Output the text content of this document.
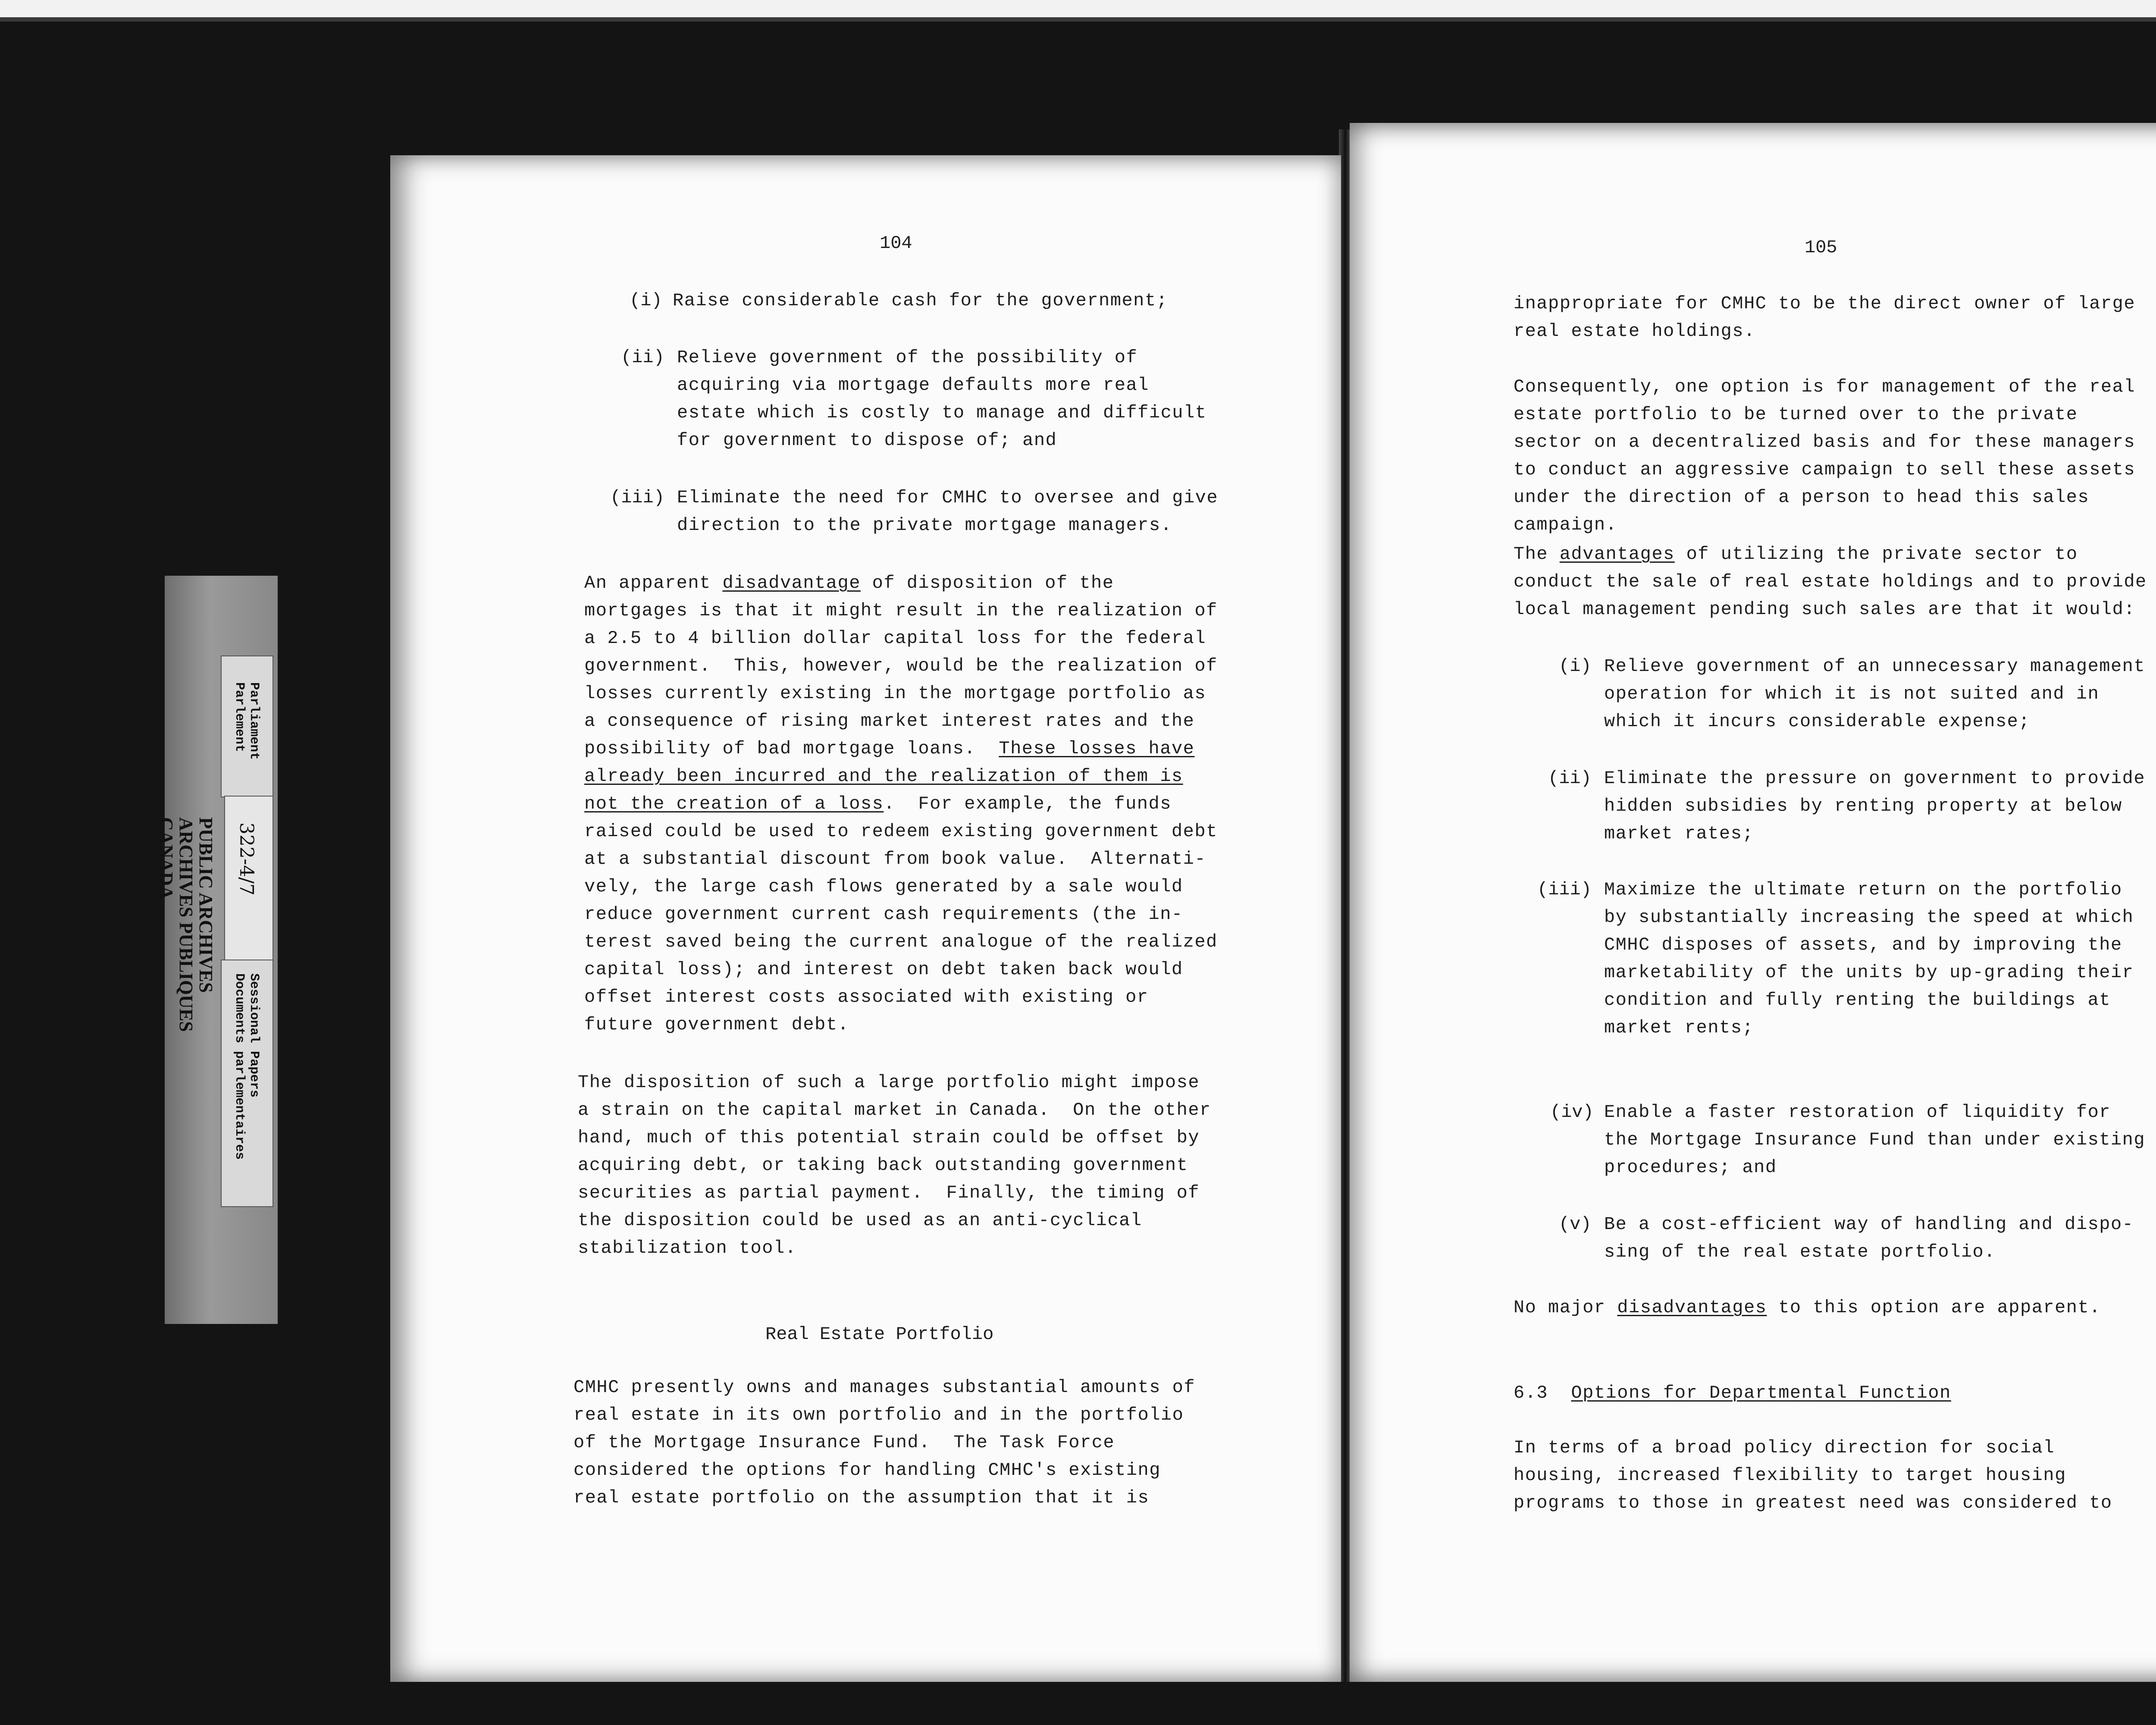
Parliament
Parlement
322-4/7
Sessional Papers
Documents parlementaires
PUBLIC ARCHIVES
ARCHIVES PUBLIQUES
CANADA
104
(i) Raise considerable cash for the government;
(ii) Relieve government of the possibility of
acquiring via mortgage defaults more real
estate which is costly to manage and difficult
for government to dispose of; and
(iii) Eliminate the need for CMHC to oversee and give
direction to the private mortgage managers.
An apparent disadvantage of disposition of the
mortgages is that it might result in the realization of
a 2.5 to 4 billion dollar capital loss for the federal
government.  This, however, would be the realization of
losses currently existing in the mortgage portfolio as
a consequence of rising market interest rates and the
possibility of bad mortgage loans.  These losses have
already been incurred and the realization of them is
not the creation of a loss.  For example, the funds
raised could be used to redeem existing government debt
at a substantial discount from book value.  Alternati-
vely, the large cash flows generated by a sale would
reduce government current cash requirements (the in-
terest saved being the current analogue of the realized
capital loss); and interest on debt taken back would
offset interest costs associated with existing or
future government debt.
The disposition of such a large portfolio might impose
a strain on the capital market in Canada.  On the other
hand, much of this potential strain could be offset by
acquiring debt, or taking back outstanding government
securities as partial payment.  Finally, the timing of
the disposition could be used as an anti-cyclical
stabilization tool.
Real Estate Portfolio
CMHC presently owns and manages substantial amounts of
real estate in its own portfolio and in the portfolio
of the Mortgage Insurance Fund.  The Task Force
considered the options for handling CMHC's existing
real estate portfolio on the assumption that it is
105
inappropriate for CMHC to be the direct owner of large
real estate holdings.
Consequently, one option is for management of the real
estate portfolio to be turned over to the private
sector on a decentralized basis and for these managers
to conduct an aggressive campaign to sell these assets
under the direction of a person to head this sales
campaign.
The advantages of utilizing the private sector to
conduct the sale of real estate holdings and to provide
local management pending such sales are that it would:
(i) Relieve government of an unnecessary management
operation for which it is not suited and in
which it incurs considerable expense;
(ii) Eliminate the pressure on government to provide
hidden subsidies by renting property at below
market rates;
(iii) Maximize the ultimate return on the portfolio
by substantially increasing the speed at which
CMHC disposes of assets, and by improving the
marketability of the units by up-grading their
condition and fully renting the buildings at
market rents;
(iv) Enable a faster restoration of liquidity for
the Mortgage Insurance Fund than under existing
procedures; and
(v) Be a cost-efficient way of handling and dispo-
sing of the real estate portfolio.
No major disadvantages to this option are apparent.
6.3 Options for Departmental Function
In terms of a broad policy direction for social
housing, increased flexibility to target housing
programs to those in greatest need was considered to
